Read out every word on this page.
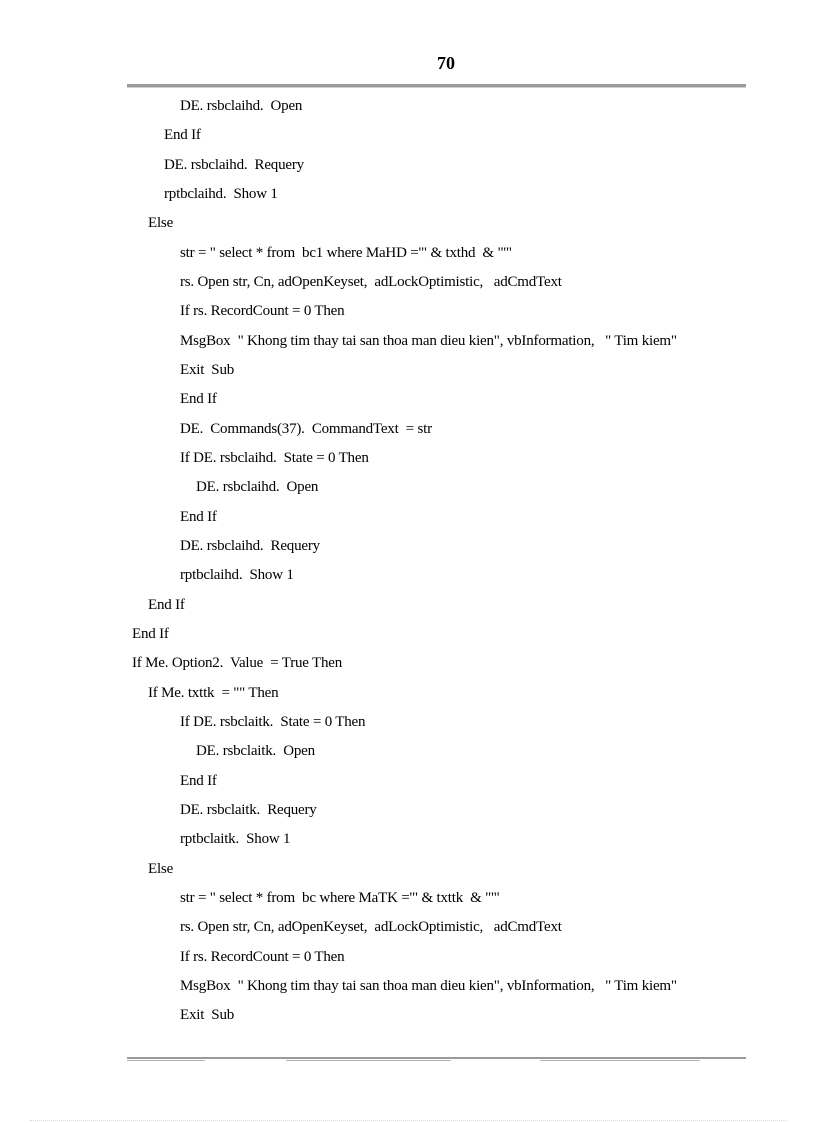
70
DE. rsbclaihd.  Open
End If
DE. rsbclaihd.  Requery
rptbclaihd.  Show 1
Else
str = " select * from  bc1 where MaHD ='" & txthd  & "'"
rs. Open str, Cn, adOpenKeyset,  adLockOptimistic,   adCmdText
If rs. RecordCount = 0 Then
MsgBox  " Khong tim thay tai san thoa man dieu kien", vbInformation,   " Tim kiem"
Exit  Sub
End If
DE.  Commands(37).  CommandText  = str
If DE. rsbclaihd.  State = 0 Then
DE. rsbclaihd.  Open
End If
DE. rsbclaihd.  Requery
rptbclaihd.  Show 1
End If
End If
If Me. Option2.  Value  = True Then
If Me. txttk  = "" Then
If DE. rsbclaitk.  State = 0 Then
DE. rsbclaitk.  Open
End If
DE. rsbclaitk.  Requery
rptbclaitk.  Show 1
Else
str = " select * from  bc where MaTK ='" & txttk  & "'"
rs. Open str, Cn, adOpenKeyset,  adLockOptimistic,   adCmdText
If rs. RecordCount = 0 Then
MsgBox  " Khong tim thay tai san thoa man dieu kien", vbInformation,   " Tim kiem"
Exit  Sub
